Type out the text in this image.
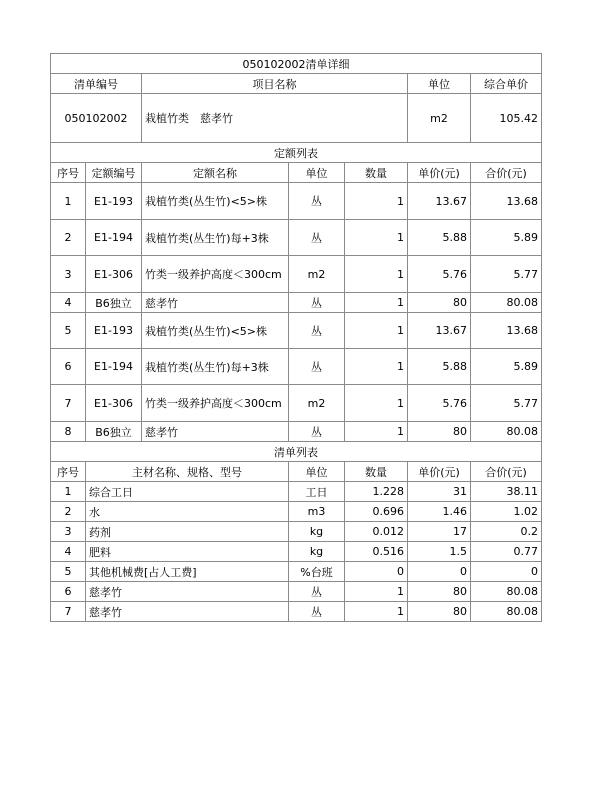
050102002清单详细						
清单编号		项目名称			单位	综合单价
050102002		栽植竹类　慈孝竹			m2	105.42
定额列表						
序号	定额编号	定额名称	单位	数量	单价(元)	合价(元)
1	E1-193	栽植竹类(丛生竹)<5>株	丛	1	13.67	13.68
2	E1-194	栽植竹类(丛生竹)每+3株	丛	1	5.88	5.89
3	E1-306	竹类一级养护高度＜300cm	m2	1	5.76	5.77
4	B6独立	慈孝竹	丛	1	80	80.08
5	E1-193	栽植竹类(丛生竹)<5>株	丛	1	13.67	13.68
6	E1-194	栽植竹类(丛生竹)每+3株	丛	1	5.88	5.89
7	E1-306	竹类一级养护高度＜300cm	m2	1	5.76	5.77
8	B6独立	慈孝竹	丛	1	80	80.08
清单列表						
序号	主材名称、规格、型号		单位	数量	单价(元)	合价(元)
1	综合工日		工日	1.228	31	38.11
2	水		m3	0.696	1.46	1.02
3	药剂		kg	0.012	17	0.2
4	肥料		kg	0.516	1.5	0.77
5	其他机械费[占人工费]		%台班	0	0	0
6	慈孝竹		丛	1	80	80.08
7	慈孝竹		丛	1	80	80.08
